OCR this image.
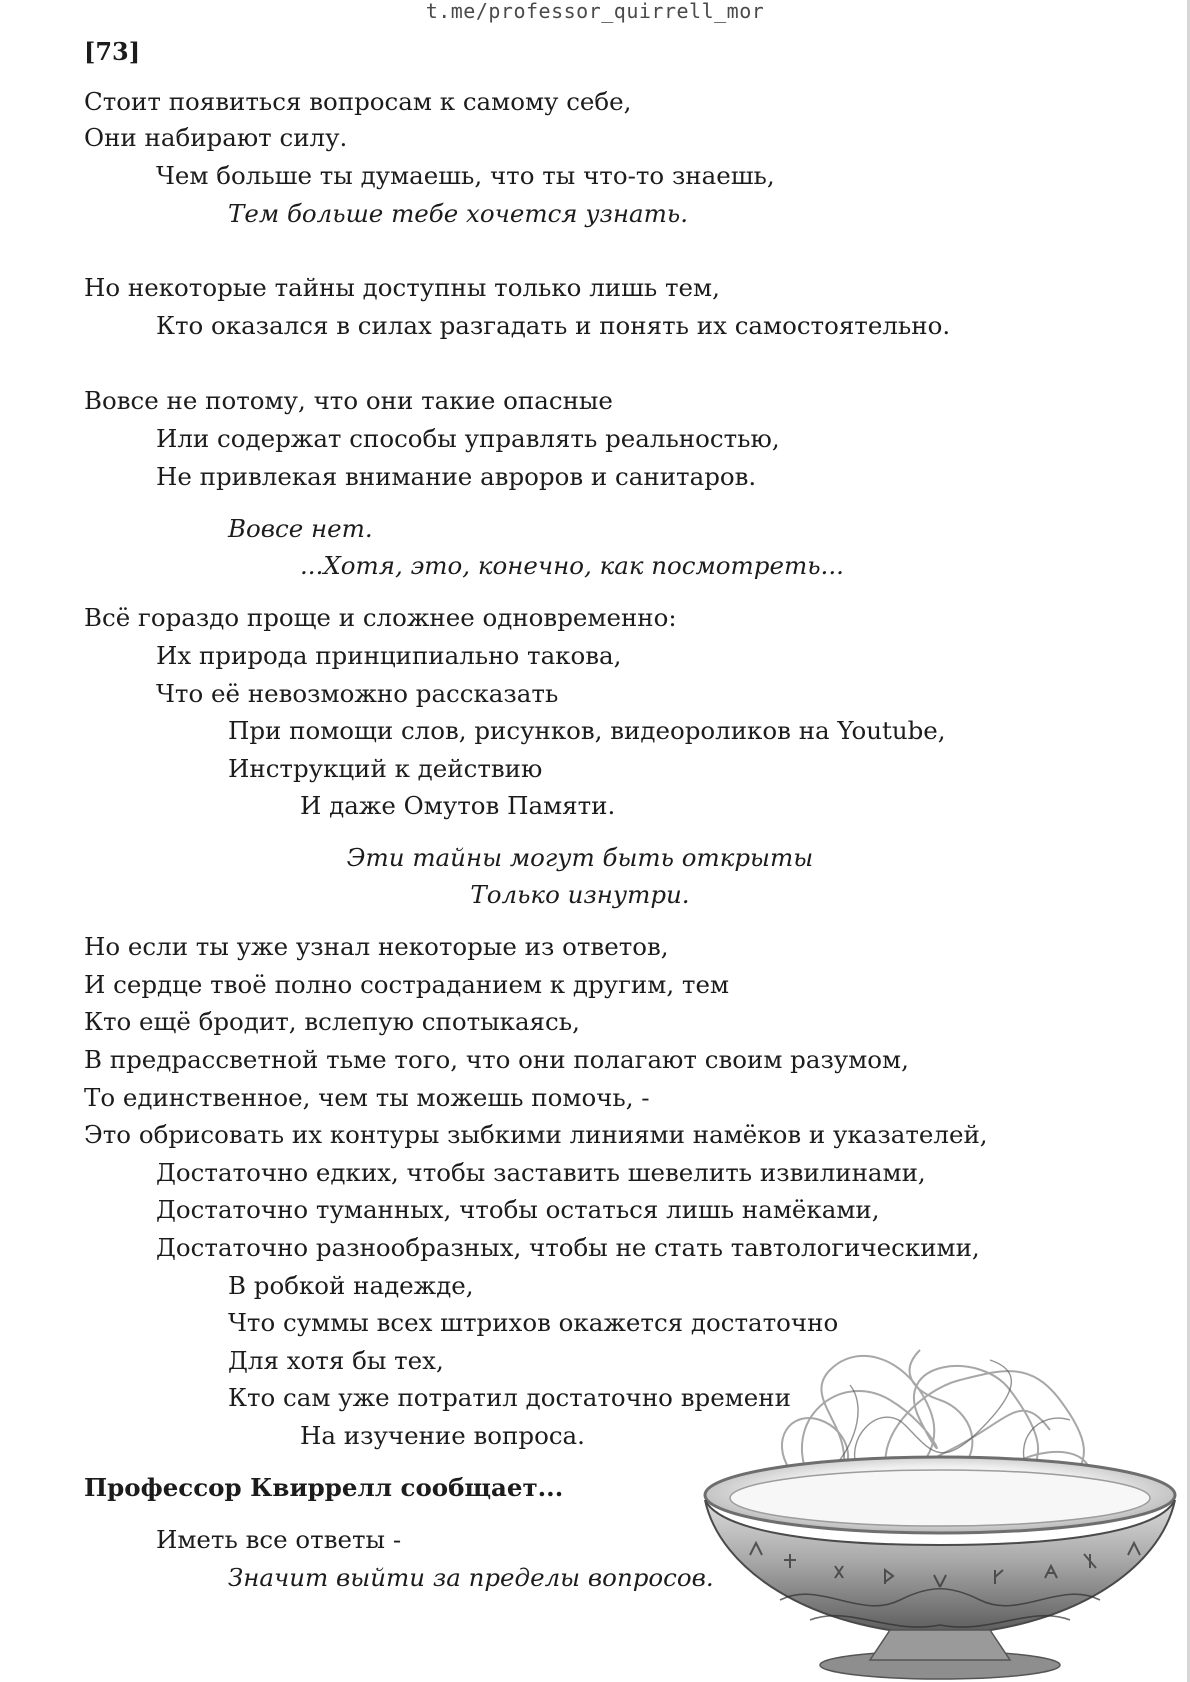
t.me/professor_quirrell_mor
[73]
Стоит появиться вопросам к самому себе,
Они набирают силу.
Чем больше ты думаешь, что ты что-то знаешь,
Тем больше тебе хочется узнать.
Но некоторые тайны доступны только лишь тем,
Кто оказался в силах разгадать и понять их самостоятельно.
Вовсе не потому, что они такие опасные
Или содержат способы управлять реальностью,
Не привлекая внимание авроров и санитаров.
Вовсе нет.
...Хотя, это, конечно, как посмотреть...
Всё гораздо проще и сложнее одновременно:
Их природа принципиально такова,
Что её невозможно рассказать
При помощи слов, рисунков, видеороликов на Youtube,
Инструкций к действию
И даже Омутов Памяти.
Эти тайны могут быть открыты
Только изнутри.
Но если ты уже узнал некоторые из ответов,
И сердце твоё полно состраданием к другим, тем
Кто ещё бродит, вслепую спотыкаясь,
В предрассветной тьме того, что они полагают своим разумом,
То единственное, чем ты можешь помочь, -
Это обрисовать их контуры зыбкими линиями намёков и указателей,
Достаточно едких, чтобы заставить шевелить извилинами,
Достаточно туманных, чтобы остаться лишь намёками,
Достаточно разнообразных, чтобы не стать тавтологическими,
В робкой надежде,
Что суммы всех штрихов окажется достаточно
Для хотя бы тех,
Кто сам уже потратил достаточно времени
На изучение вопроса.
Профессор Квиррелл сообщает...
Иметь все ответы -
Значит выйти за пределы вопросов.
